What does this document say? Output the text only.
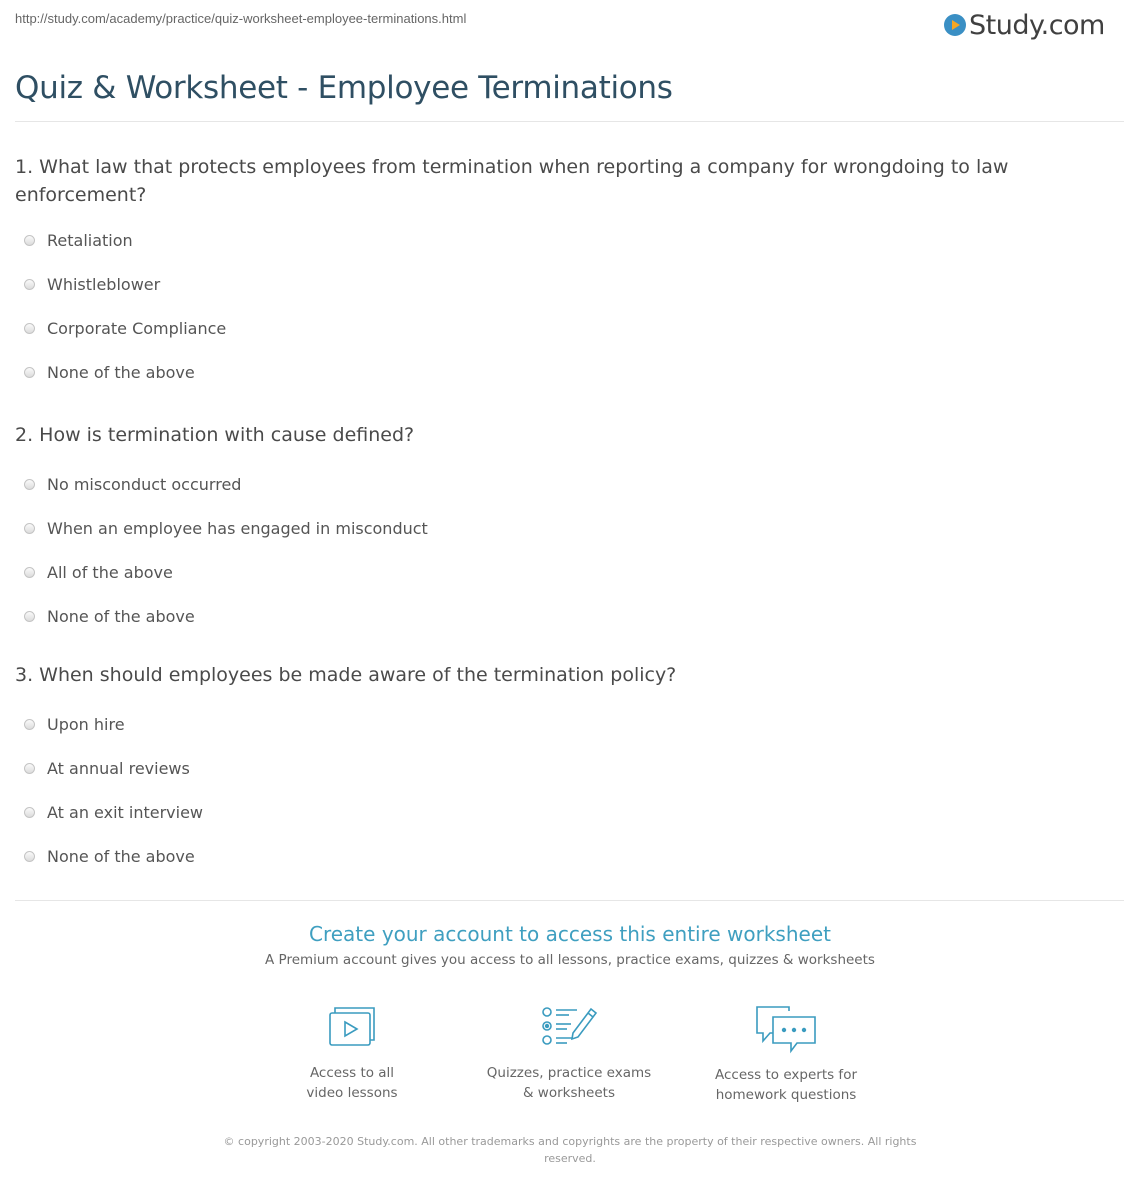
http://study.com/academy/practice/quiz-worksheet-employee-terminations.html	Study.com
Quiz & Worksheet - Employee Terminations

1. What law that protects employees from termination when reporting a company for wrongdoing to law enforcement?

Retaliation
Whistleblower
Corporate Compliance
None of the above

2. How is termination with cause defined?

No misconduct occurred
When an employee has engaged in misconduct
All of the above
None of the above

3. When should employees be made aware of the termination policy?

Upon hire
At annual reviews
At an exit interview
None of the above
Create your account to access this entire worksheet
A Premium account gives you access to all lessons, practice exams, quizzes & worksheets
Access to all
video lessons
Quizzes, practice exams
& worksheets
Access to experts for
homework questions
© copyright 2003-2020 Study.com. All other trademarks and copyrights are the property of their respective owners. All rights
reserved.
